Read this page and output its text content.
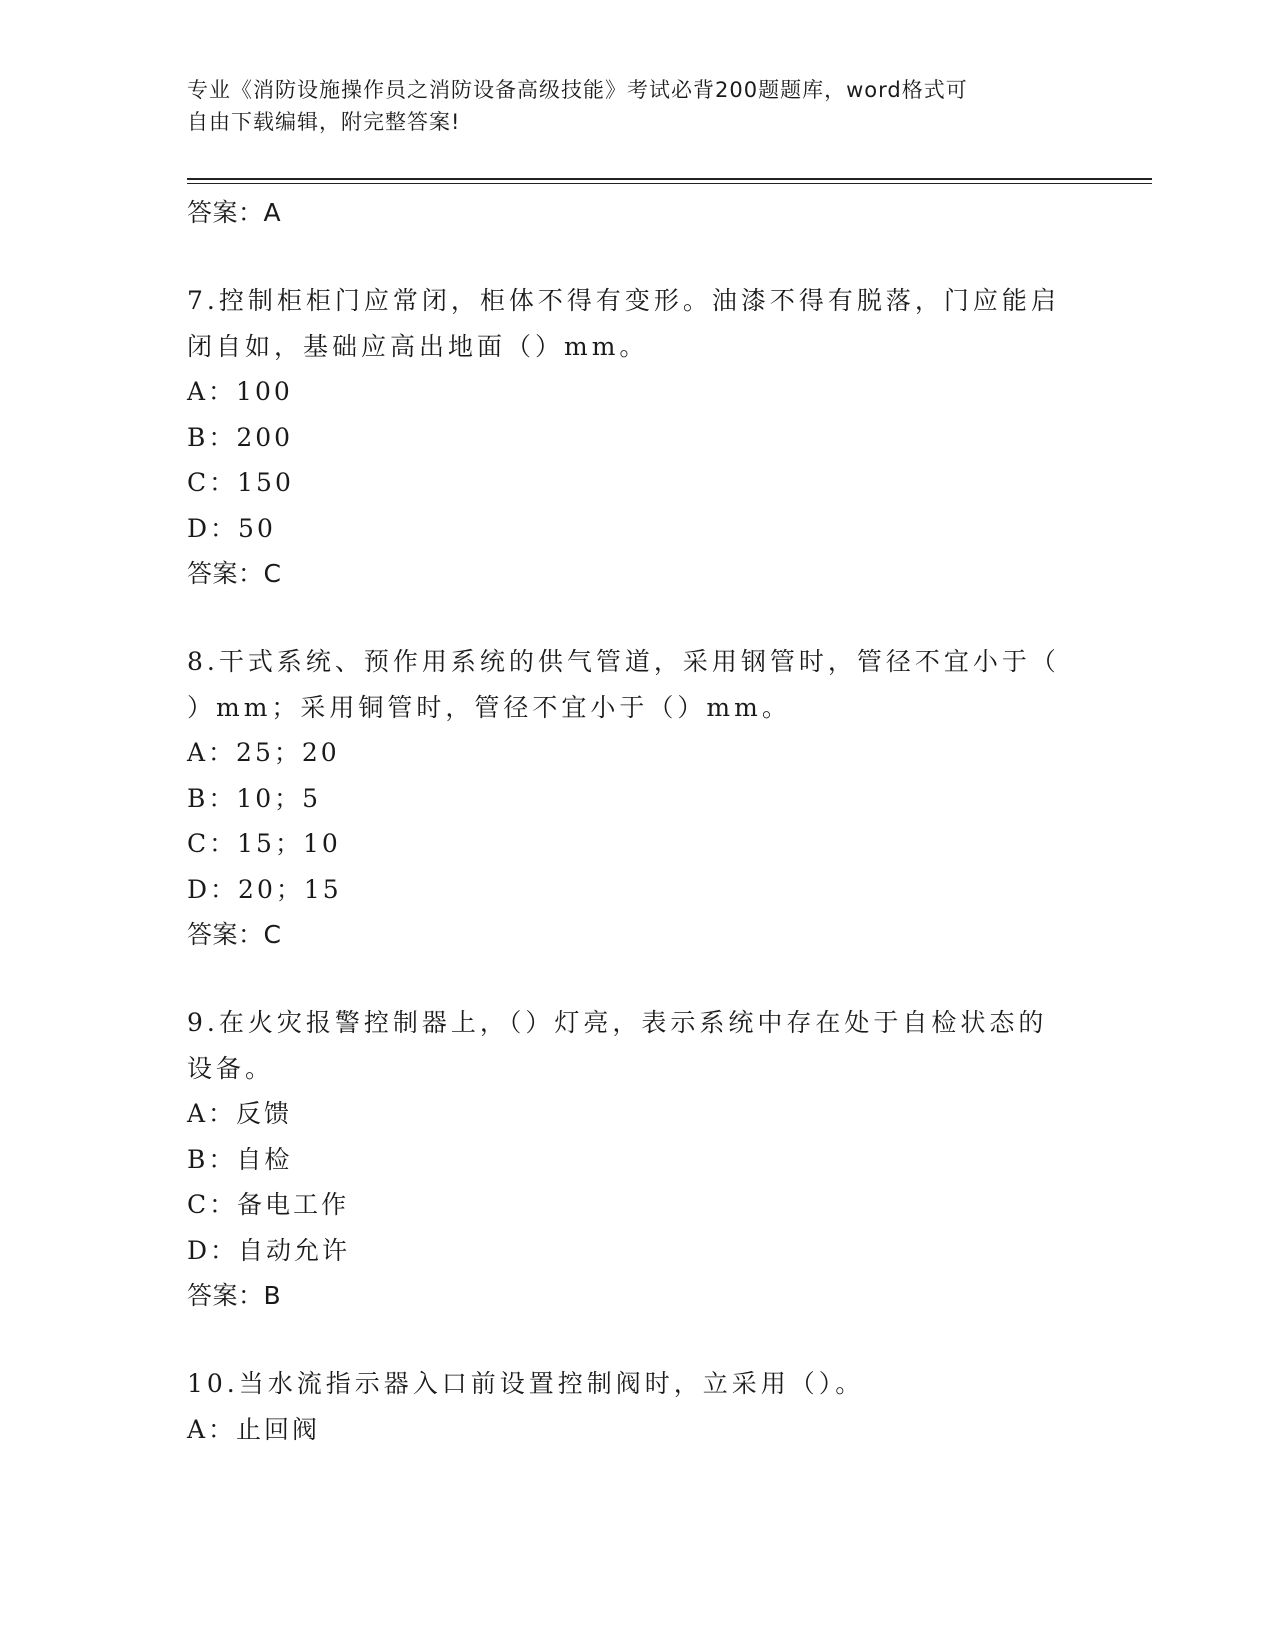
专业《消防设施操作员之消防设备高级技能》考试必背200题题库，word格式可
自由下载编辑，附完整答案!
答案：A
7.控制柜柜门应常闭，柜体不得有变形。油漆不得有脱落，门应能启
闭自如，基础应高出地面（）mm。
A：100
B：200
C：150
D：50
答案：C
8.干式系统、预作用系统的供气管道，采用钢管时，管径不宜小于（
）mm；采用铜管时，管径不宜小于（）mm。
A：25；20
B：10；5
C：15；10
D：20；15
答案：C
9.在火灾报警控制器上，（）灯亮，表示系统中存在处于自检状态的
设备。
A：反馈
B：自检
C：备电工作
D：自动允许
答案：B
10.当水流指示器入口前设置控制阀时，立采用（）。
A：止回阀
